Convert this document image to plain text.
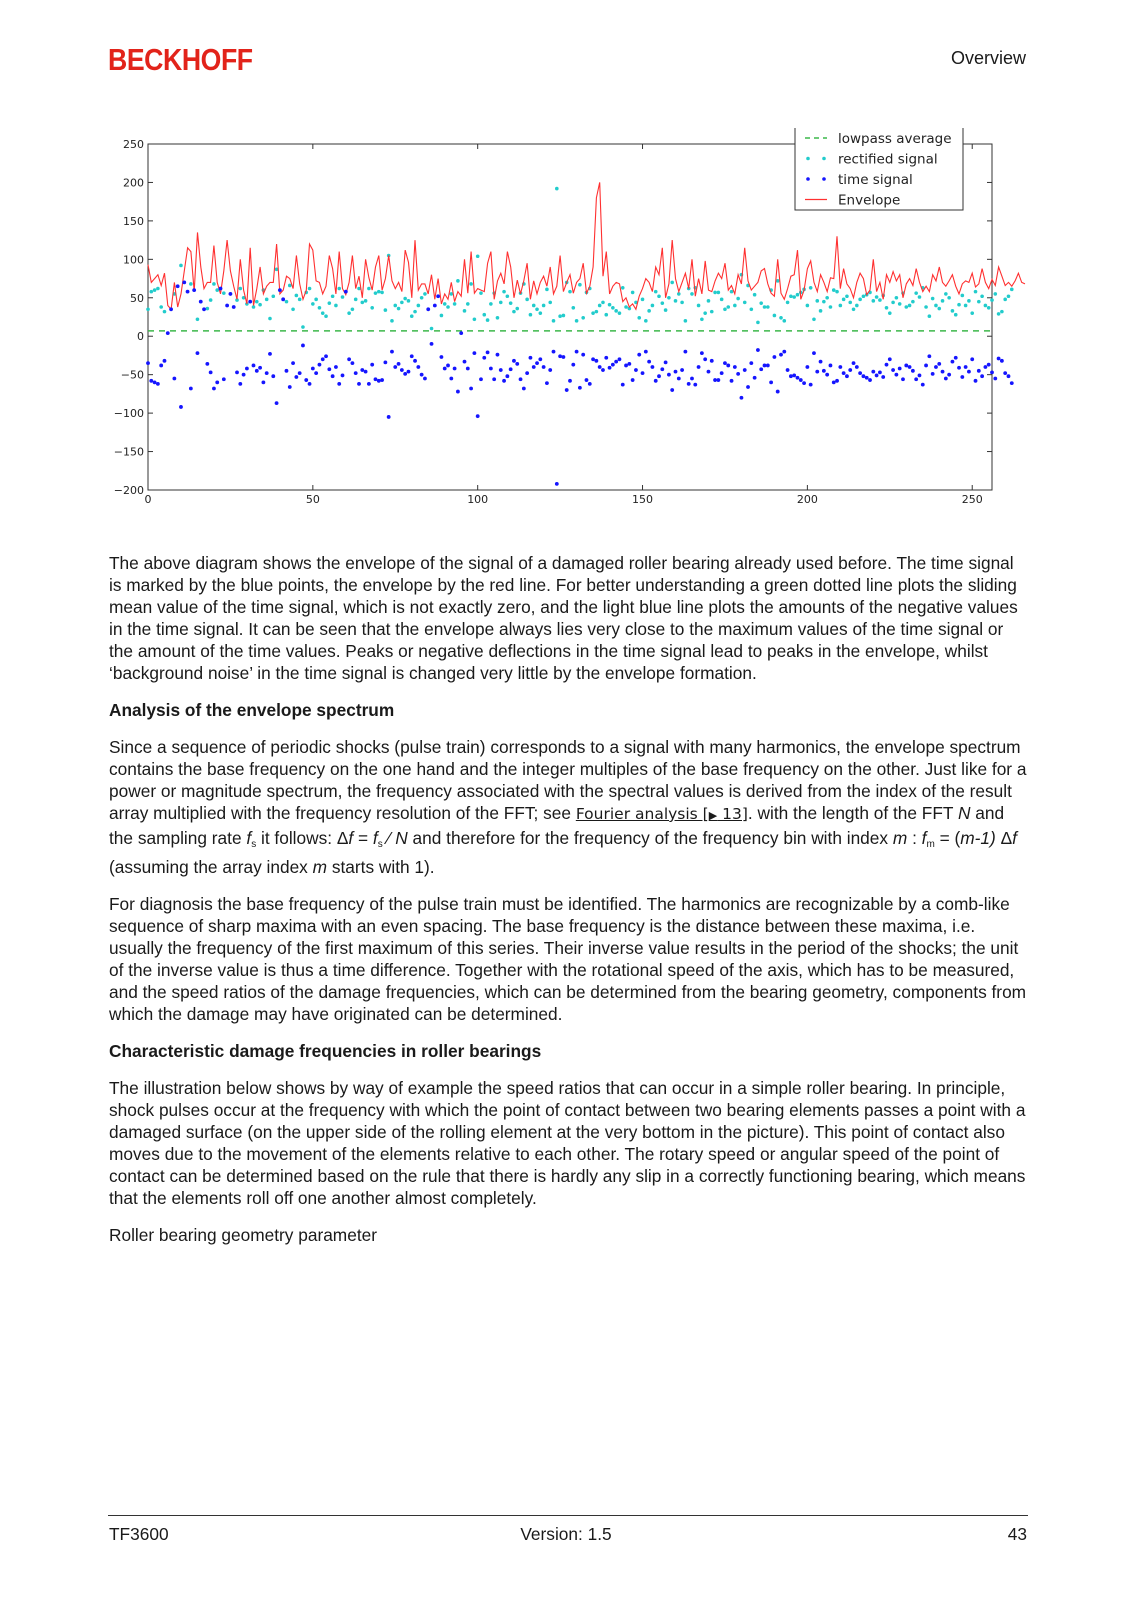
BECKHOFF	Overview
250
200
150
100
50
0
−50
−100
−150
−200
0	50	100	150	200	250
lowpass average
rectified signal
time signal
Envelope

The above diagram shows the envelope of the signal of a damaged roller bearing already used before. The time signal is marked by the blue points, the envelope by the red line. For better understanding a green dotted line plots the sliding mean value of the time signal, which is not exactly zero, and the light blue line plots the amounts of the negative values in the time signal. It can be seen that the envelope always lies very close to the maximum values of the time signal or the amount of the time values. Peaks or negative deflections in the time signal lead to peaks in the envelope, whilst ‘background noise’ in the time signal is changed very little by the envelope formation.

Analysis of the envelope spectrum

Since a sequence of periodic shocks (pulse train) corresponds to a signal with many harmonics, the envelope spectrum contains the base frequency on the one hand and the integer multiples of the base frequency on the other. Just like for a power or magnitude spectrum, the frequency associated with the spectral values is derived from the index of the result array multiplied with the frequency resolution of the FFT; see Fourier analysis [▶ 13]. with the length of the FFT N and the sampling rate $f_s$ it follows: $\Delta f = f_s$ ⁄ N and therefore for the frequency of the frequency bin with index m : $f_m = (m-1)$ Δf (assuming the array index m starts with 1).

For diagnosis the base frequency of the pulse train must be identified. The harmonics are recognizable by a comb-like sequence of sharp maxima with an even spacing. The base frequency is the distance between these maxima, i.e. usually the frequency of the first maximum of this series. Their inverse value results in the period of the shocks; the unit of the inverse value is thus a time difference. Together with the rotational speed of the axis, which has to be measured, and the speed ratios of the damage frequencies, which can be determined from the bearing geometry, components from which the damage may have originated can be determined.

Characteristic damage frequencies in roller bearings

The illustration below shows by way of example the speed ratios that can occur in a simple roller bearing. In principle, shock pulses occur at the frequency with which the point of contact between two bearing elements passes a point with a damaged surface (on the upper side of the rolling element at the very bottom in the picture). This point of contact also moves due to the movement of the elements relative to each other. The rotary speed or angular speed of the point of contact can be determined based on the rule that there is hardly any slip in a correctly functioning bearing, which means that the elements roll off one another almost completely.

Roller bearing geometry parameter

TF3600	Version: 1.5	43
